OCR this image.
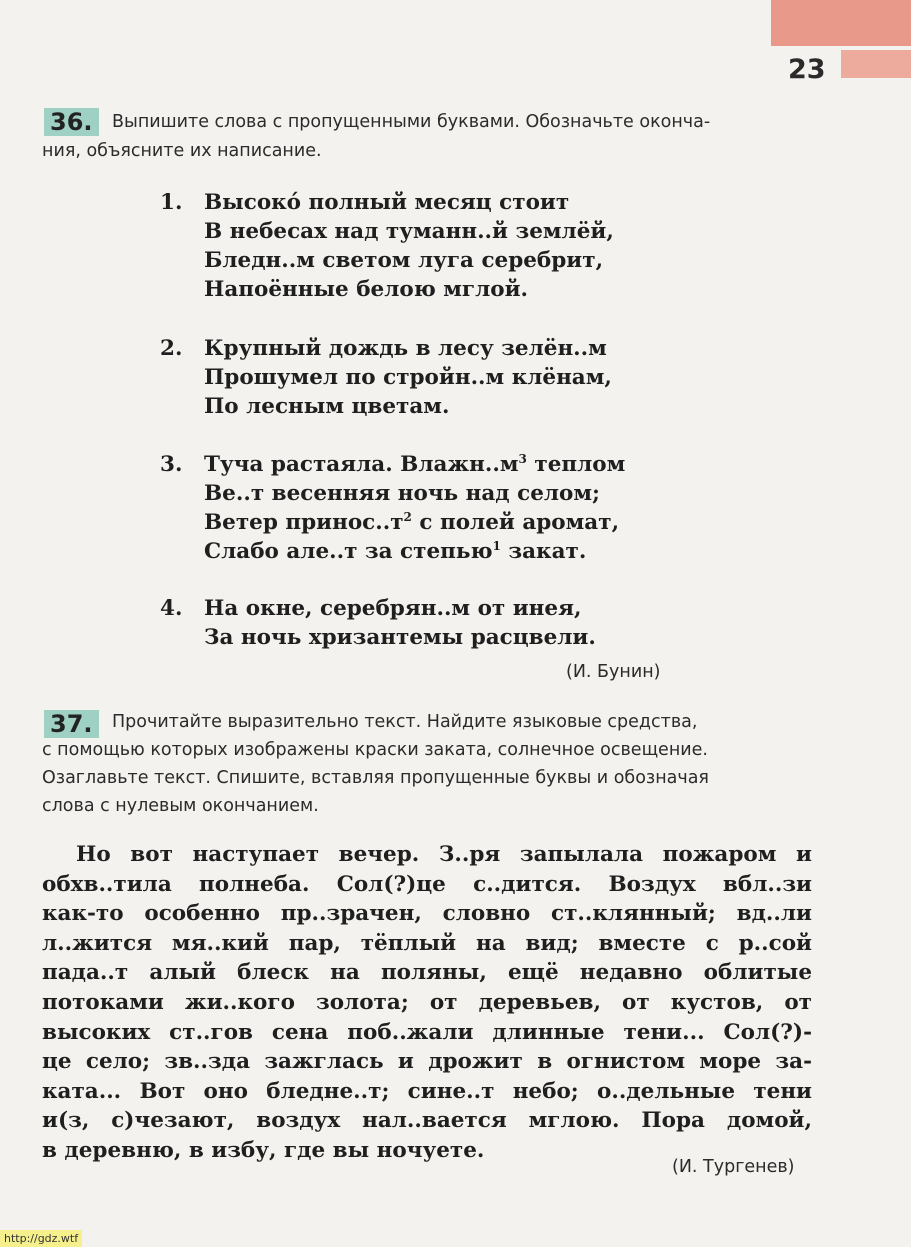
23
36.	Выпишите слова с пропущенными буквами. Обозначьте оконча-
ния, объясните их написание.
1. Высокó полный месяц стоит
В небесах над туманн..й землёй,
Бледн..м светом луга серебрит,
Напоённые белою мглой.
2. Крупный дождь в лесу зелён..м
Прошумел по стройн..м клёнам,
По лесным цветам.
3. Туча растаяла. $Влажн..м^3$ теплом
Ве..т весенняя ночь над селом;
Ветер $принос..т^2$ с полей аромат,
Слабо але..т за степью$^1$ закат.
4. На окне, серебрян..м от инея,
За ночь хризантемы расцвели.
(И. Бунин)
37.	Прочитайте выразительно текст. Найдите языковые средства,
с помощью которых изображены краски заката, солнечное освещение.
Озаглавьте текст. Спишите, вставляя пропущенные буквы и обозначая
слова с нулевым окончанием.
Но вот наступает вечер. З..ря запылала пожаром и
обхв..тила полнеба. Сол(?)це с..дится. Воздух вбл..зи
как-то особенно пр..зрачен, словно ст..клянный; вд..ли
л..жится мя..кий пар, тёплый на вид; вместе с р..сой
пада..т алый блеск на поляны, ещё недавно облитые
потоками жи..кого золота; от деревьев, от кустов, от
высоких ст..гов сена поб..жали длинные тени... Сол(?)-
це село; зв..зда зажглась и дрожит в огнистом море за-
ката... Вот оно бледне..т; сине..т небо; о..дельные тени
и(з, с)чезают, воздух нал..вается мглою. Пора домой,
в деревню, в избу, где вы ночуете.
(И. Тургенев)
http://gdz.wtf
